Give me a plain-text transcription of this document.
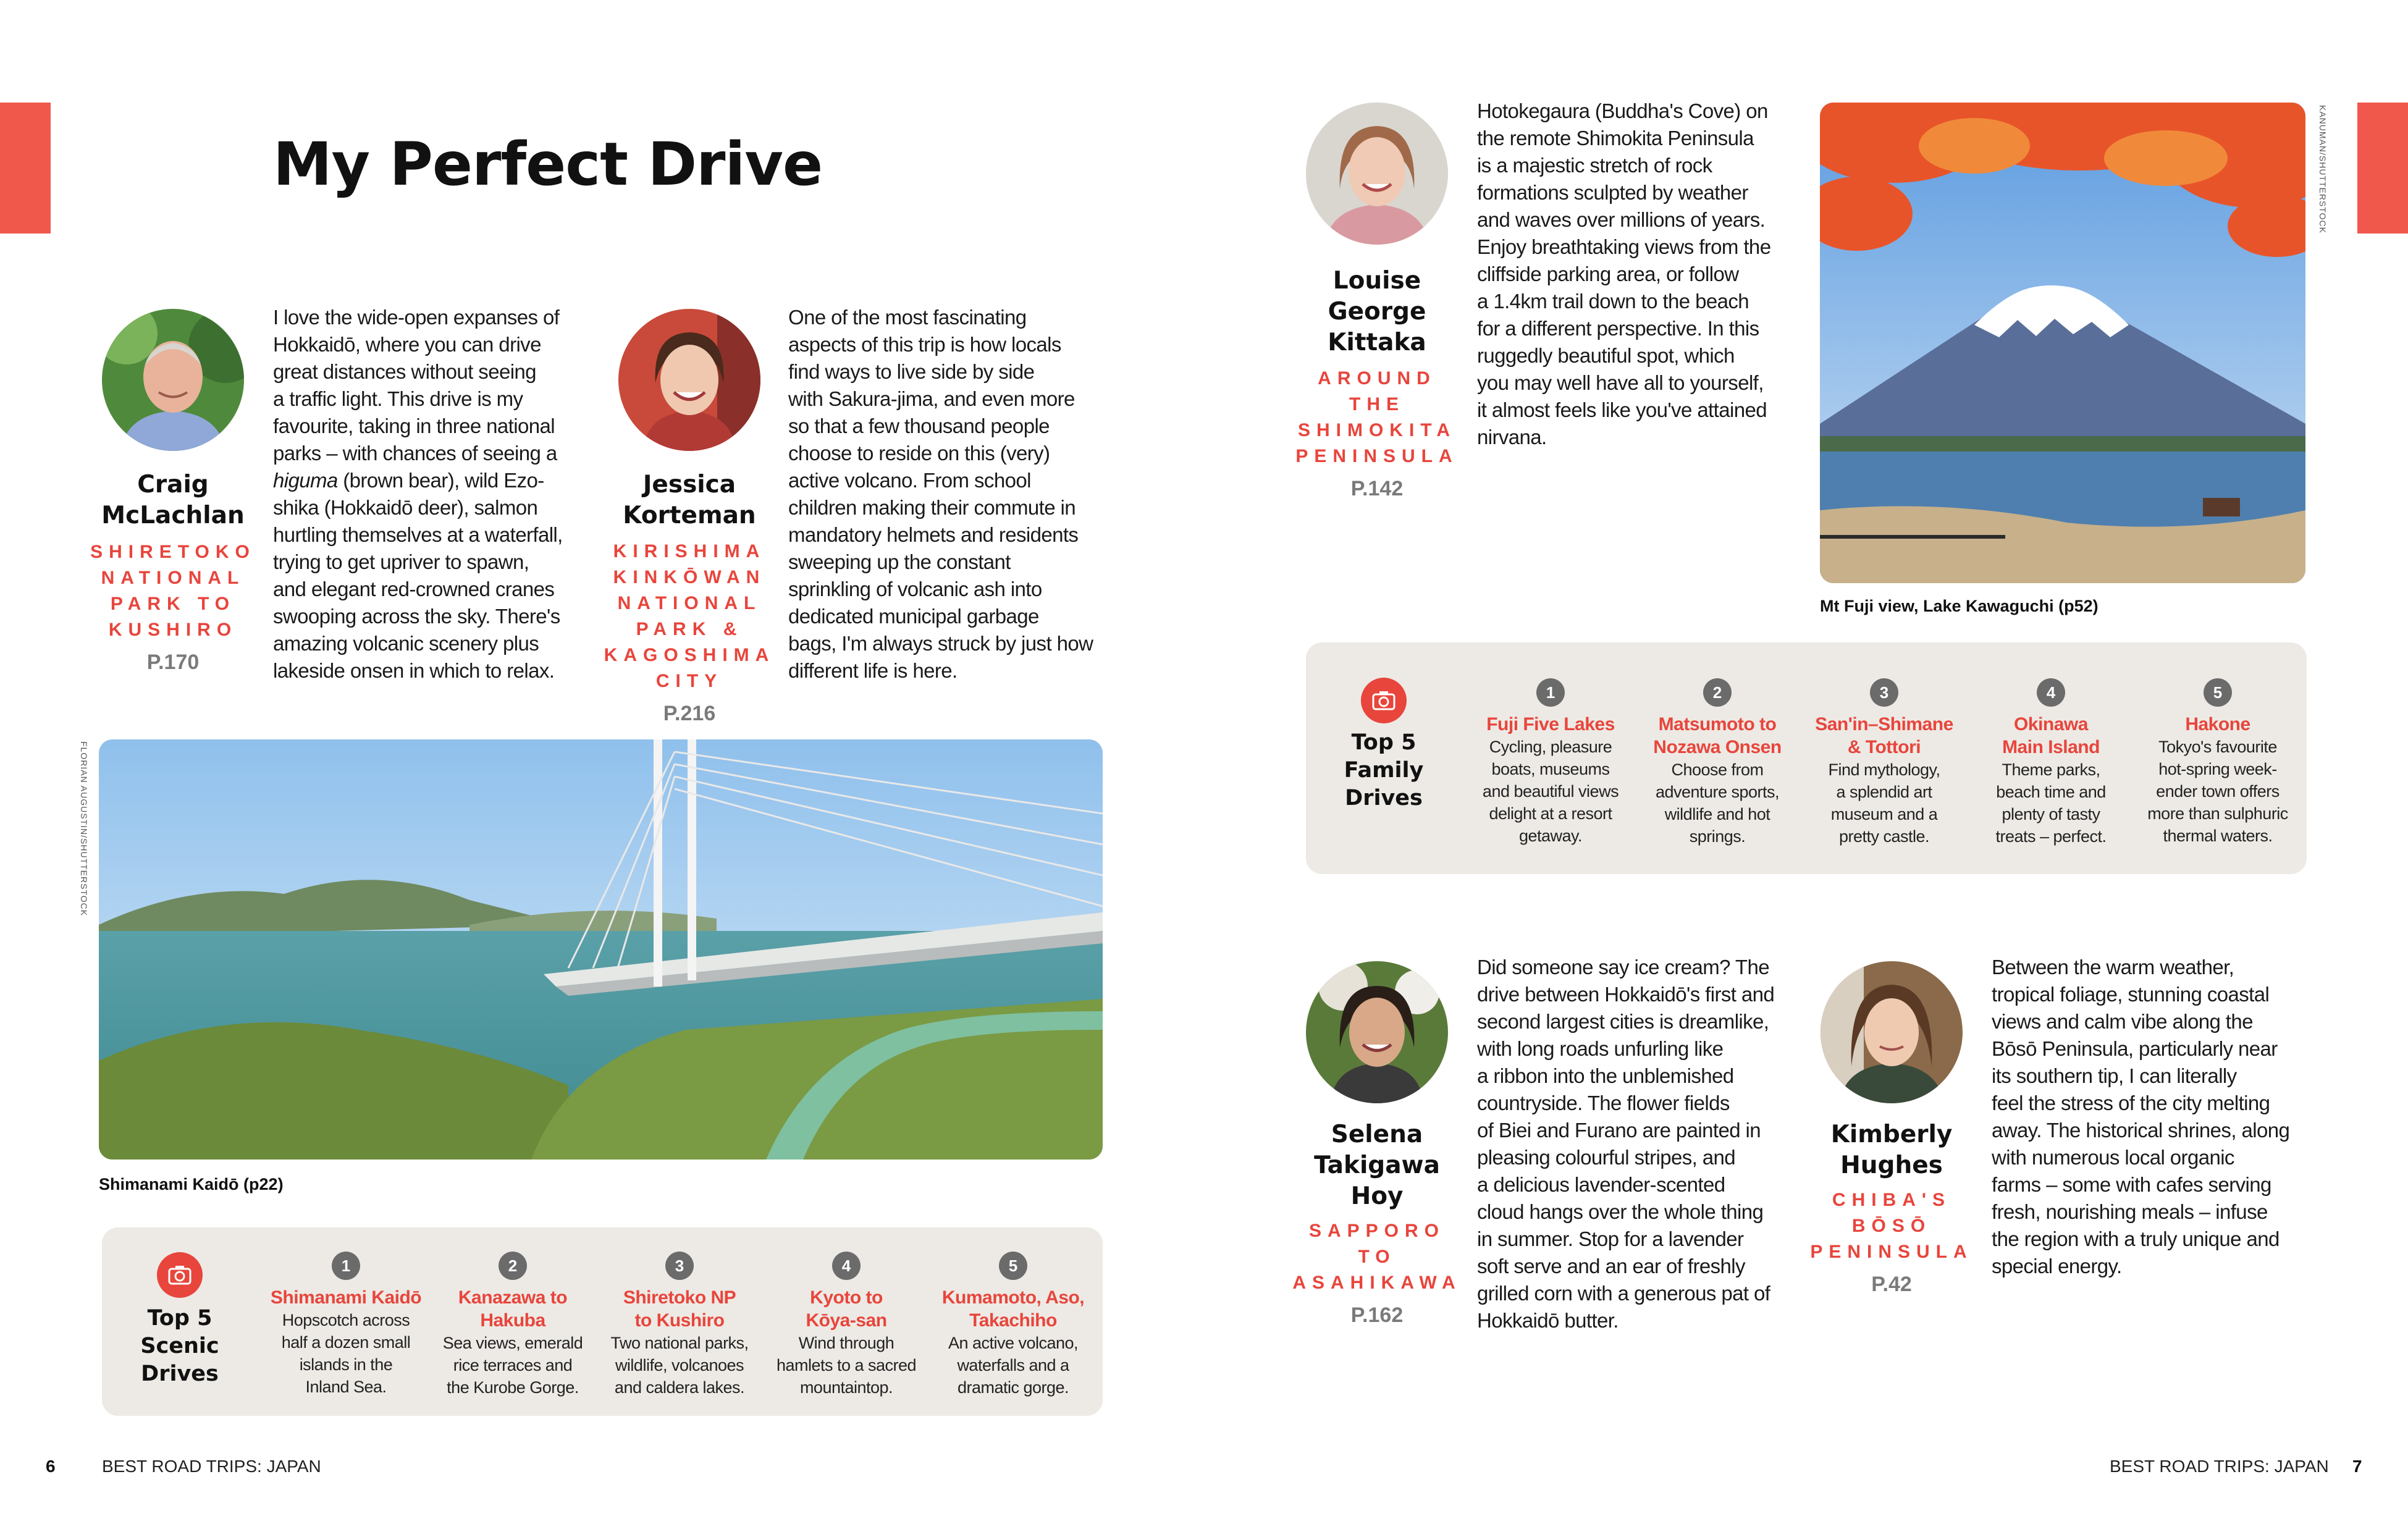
My Perfect Drive
Craig
McLachlan
SHIRETOKO
NATIONAL
PARK TO
KUSHIRO
P.170
I love the wide-open expanses of
Hokkaidō, where you can drive
great distances without seeing
a traffic light. This drive is my
favourite, taking in three national
parks – with chances of seeing a
higuma (brown bear), wild Ezo-
shika (Hokkaidō deer), salmon
hurtling themselves at a waterfall,
trying to get upriver to spawn,
and elegant red-crowned cranes
swooping across the sky. There's
amazing volcanic scenery plus
lakeside onsen in which to relax.
Jessica
Korteman
KIRISHIMA
KINKŌWAN
NATIONAL
PARK &
KAGOSHIMA
CITY
P.216
One of the most fascinating
aspects of this trip is how locals
find ways to live side by side
with Sakura-jima, and even more
so that a few thousand people
choose to reside on this (very)
active volcano. From school
children making their commute in
mandatory helmets and residents
sweeping up the constant
sprinkling of volcanic ash into
dedicated municipal garbage
bags, I'm always struck by just how
different life is here.
FLORIAN AUGUSTIN/SHUTTERSTOCK
Shimanami Kaidō (p22)
Top 5
Scenic
Drives
1
Shimanami Kaidō
Hopscotch across
half a dozen small
islands in the
Inland Sea.
2
Kanazawa to
Hakuba
Sea views, emerald
rice terraces and
the Kurobe Gorge.
3
Shiretoko NP
to Kushiro
Two national parks,
wildlife, volcanoes
and caldera lakes.
4
Kyoto to
Kōya-san
Wind through
hamlets to a sacred
mountaintop.
5
Kumamoto, Aso,
Takachiho
An active volcano,
waterfalls and a
dramatic gorge.
Louise
George
Kittaka
AROUND
THE
SHIMOKITA
PENINSULA
P.142
Hotokegaura (Buddha's Cove) on
the remote Shimokita Peninsula
is a majestic stretch of rock
formations sculpted by weather
and waves over millions of years.
Enjoy breathtaking views from the
cliffside parking area, or follow
a 1.4km trail down to the beach
for a different perspective. In this
ruggedly beautiful spot, which
you may well have all to yourself,
it almost feels like you've attained
nirvana.
KANUMAN/SHUTTERSTOCK
Mt Fuji view, Lake Kawaguchi (p52)
Top 5
Family
Drives
1
Fuji Five Lakes
Cycling, pleasure
boats, museums
and beautiful views
delight at a resort
getaway.
2
Matsumoto to
Nozawa Onsen
Choose from
adventure sports,
wildlife and hot
springs.
3
San'in–Shimane
& Tottori
Find mythology,
a splendid art
museum and a
pretty castle.
4
Okinawa
Main Island
Theme parks,
beach time and
plenty of tasty
treats – perfect.
5
Hakone
Tokyo's favourite
hot-spring week-
ender town offers
more than sulphuric
thermal waters.
Selena
Takigawa
Hoy
SAPPORO
TO
ASAHIKAWA
P.162
Did someone say ice cream? The
drive between Hokkaidō's first and
second largest cities is dreamlike,
with long roads unfurling like
a ribbon into the unblemished
countryside. The flower fields
of Biei and Furano are painted in
pleasing colourful stripes, and
a delicious lavender-scented
cloud hangs over the whole thing
in summer. Stop for a lavender
soft serve and an ear of freshly
grilled corn with a generous pat of
Hokkaidō butter.
Kimberly
Hughes
CHIBA'S
BŌSŌ
PENINSULA
P.42
Between the warm weather,
tropical foliage, stunning coastal
views and calm vibe along the
Bōsō Peninsula, particularly near
its southern tip, I can literally
feel the stress of the city melting
away. The historical shrines, along
with numerous local organic
farms – some with cafes serving
fresh, nourishing meals – infuse
the region with a truly unique and
special energy.
6	BEST ROAD TRIPS: JAPAN	BEST ROAD TRIPS: JAPAN 7
